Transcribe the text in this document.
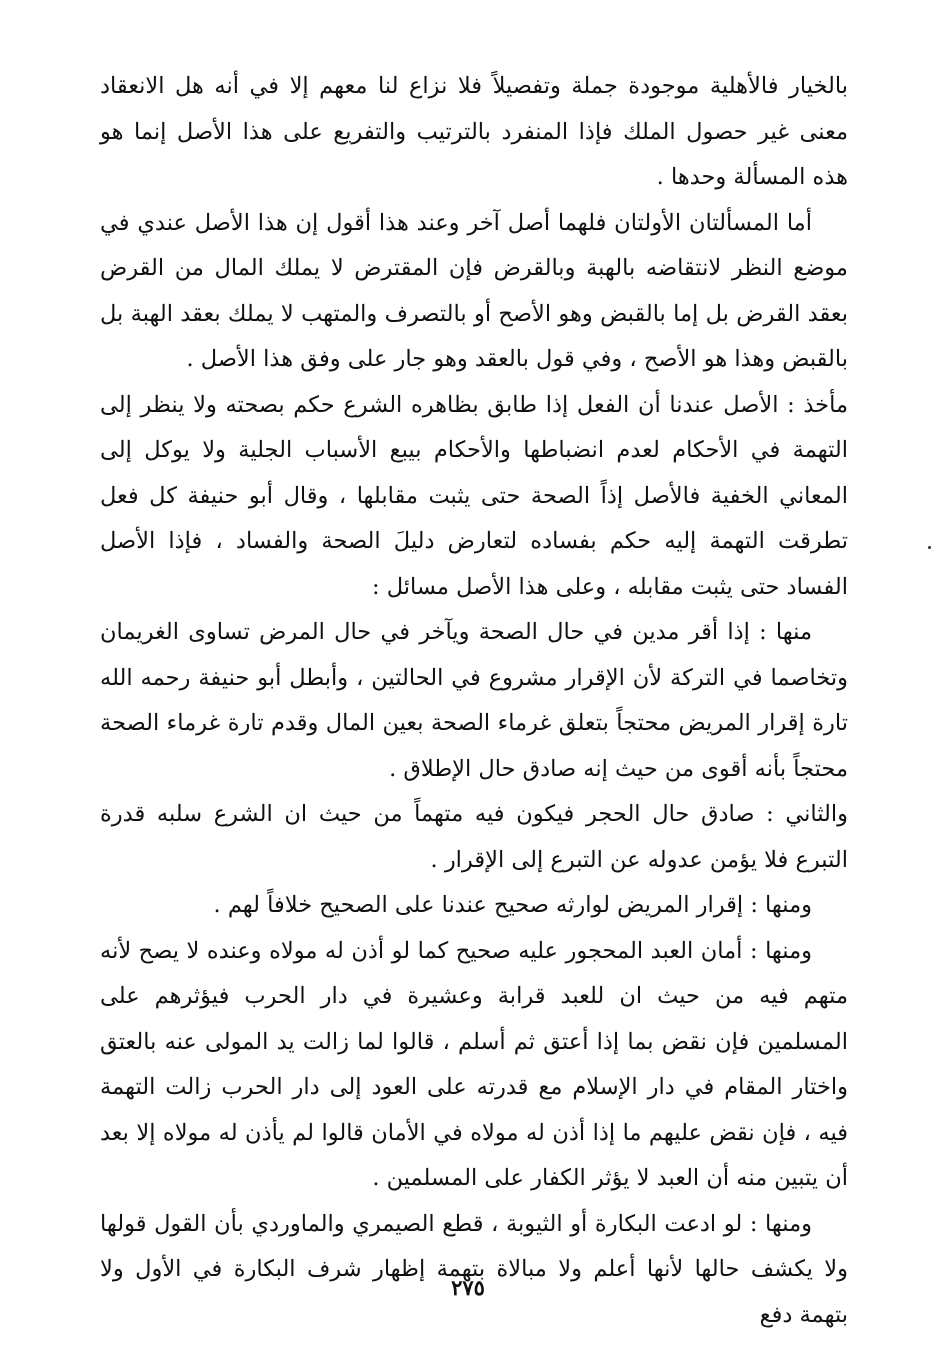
بالخيار فالأهلية موجودة جملة وتفصيلاً فلا نزاع لنا معهم إلا في أنه هل الانعقاد معنى غير حصول الملك فإذا المنفرد بالترتيب والتفريع على هذا الأصل إنما هو هذه المسألة وحدها .

أما المسألتان الأولتان فلهما أصل آخر وعند هذا أقول إن هذا الأصل عندي في موضع النظر لانتقاضه بالهبة وبالقرض فإن المقترض لا يملك المال من القرض بعقد القرض بل إما بالقبض وهو الأصح أو بالتصرف والمتهب لا يملك بعقد الهبة بل بالقبض وهذا هو الأصح ، وفي قول بالعقد وهو جار على وفق هذا الأصل .

مأخذ : الأصل عندنا أن الفعل إذا طابق بظاهره الشرع حكم بصحته ولا ينظر إلى التهمة في الأحكام لعدم انضباطها والأحكام بيبع الأسباب الجلية ولا يوكل إلى المعاني الخفية فالأصل إذاً الصحة حتى يثبت مقابلها ، وقال أبو حنيفة كل فعل تطرقت التهمة إليه حكم بفساده لتعارض دليلَ الصحة والفساد ، فإذا الأصل الفساد حتى يثبت مقابله ، وعلى هذا الأصل مسائل :

منها : إذا أقر مدين في حال الصحة ويآخر في حال المرض تساوى الغريمان وتخاصما في التركة لأن الإقرار مشروع في الحالتين ، وأبطل أبو حنيفة رحمه الله تارة إقرار المريض محتجاً بتعلق غرماء الصحة بعين المال وقدم تارة غرماء الصحة محتجاً بأنه أقوى من حيث إنه صادق حال الإطلاق .

والثاني : صادق حال الحجر فيكون فيه متهماً من حيث ان الشرع سلبه قدرة التبرع فلا يؤمن عدوله عن التبرع إلى الإقرار .

ومنها : إقرار المريض لوارثه صحيح عندنا على الصحيح خلافاً لهم .

ومنها : أمان العبد المحجور عليه صحيح كما لو أذن له مولاه وعنده لا يصح لأنه متهم فيه من حيث ان للعبد قرابة وعشيرة في دار الحرب فيؤثرهم على المسلمين فإن نقض بما إذا أعتق ثم أسلم ، قالوا لما زالت يد المولى عنه بالعتق واختار المقام في دار الإسلام مع قدرته على العود إلى دار الحرب زالت التهمة فيه ، فإن نقض عليهم ما إذا أذن له مولاه في الأمان قالوا لم يأذن له مولاه إلا بعد أن يتبين منه أن العبد لا يؤثر الكفار على المسلمين .

ومنها : لو ادعت البكارة أو الثيوبة ، قطع الصيمري والماوردي بأن القول قولها ولا يكشف حالها لأنها أعلم ولا مبالاة بتهمة إظهار شرف البكارة في الأول ولا بتهمة دفع

٢٧٥
